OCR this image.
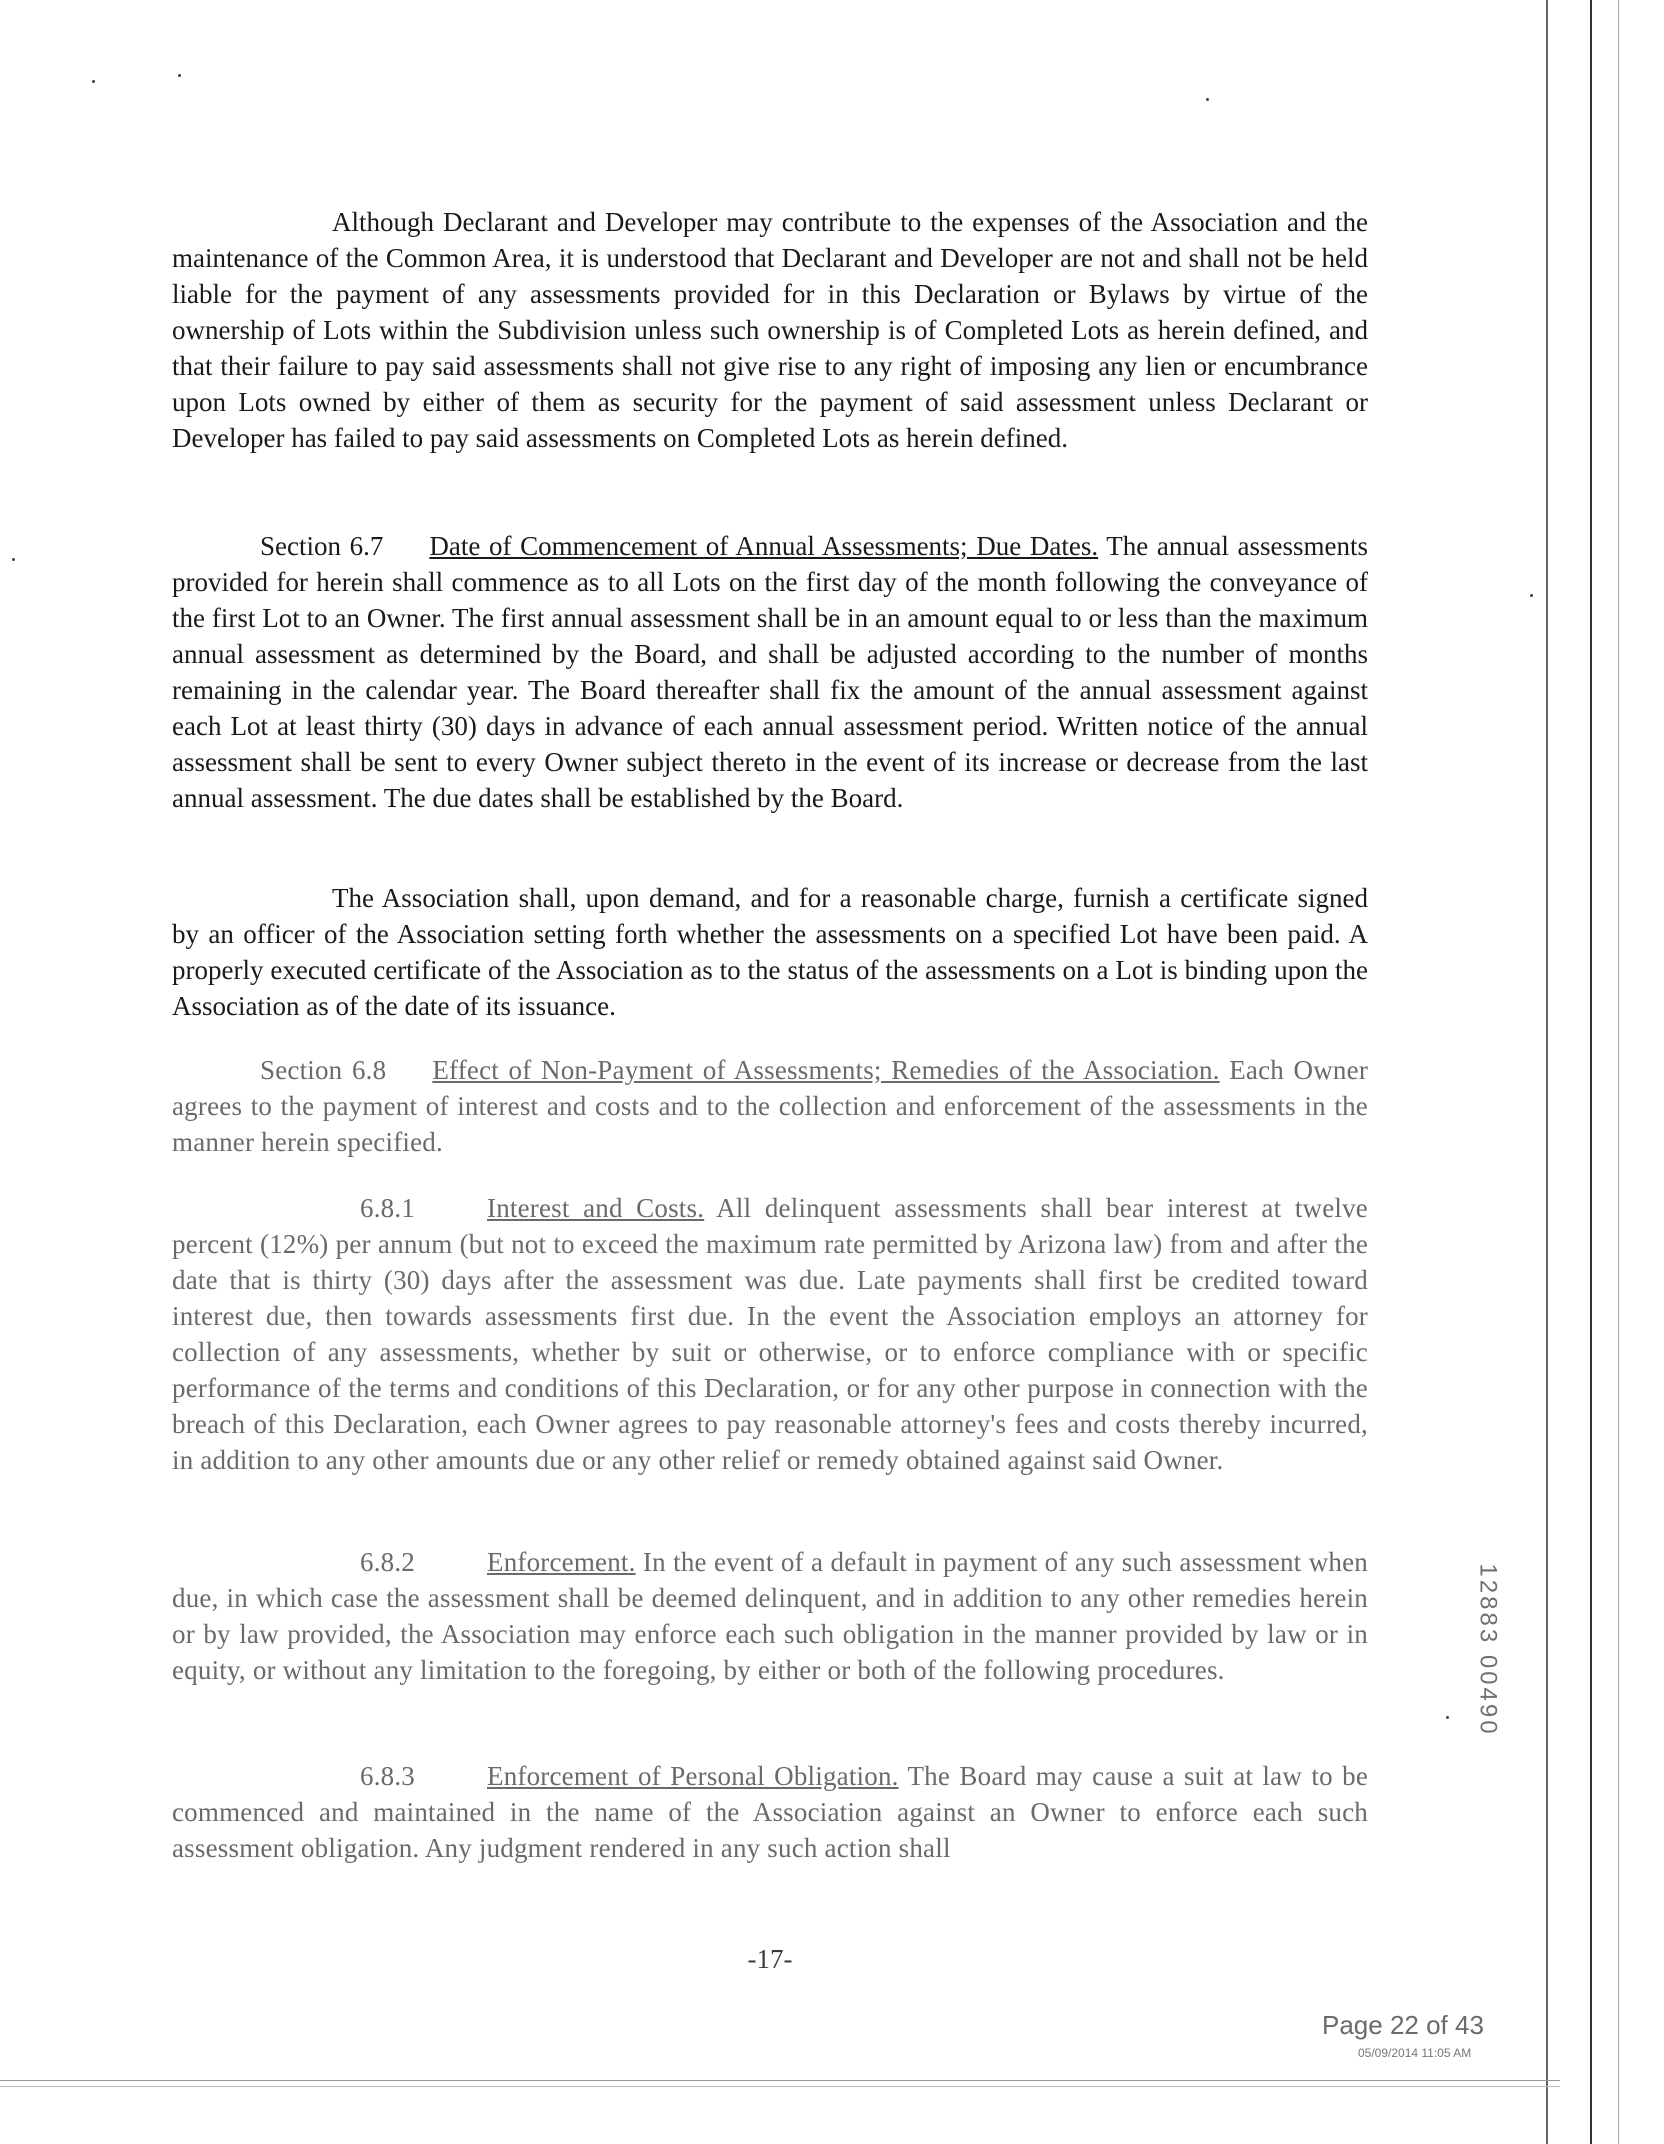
Although Declarant and Developer may contribute to the expenses of the Association and the maintenance of the Common Area, it is understood that Declarant and Developer are not and shall not be held liable for the payment of any assessments provided for in this Declaration or Bylaws by virtue of the ownership of Lots within the Subdivision unless such ownership is of Completed Lots as herein defined, and that their failure to pay said assessments shall not give rise to any right of imposing any lien or encumbrance upon Lots owned by either of them as security for the payment of said assessment unless Declarant or Developer has failed to pay said assessments on Completed Lots as herein defined.

Section 6.7 Date of Commencement of Annual Assessments; Due Dates. The annual assessments provided for herein shall commence as to all Lots on the first day of the month following the conveyance of the first Lot to an Owner. The first annual assessment shall be in an amount equal to or less than the maximum annual assessment as determined by the Board, and shall be adjusted according to the number of months remaining in the calendar year. The Board thereafter shall fix the amount of the annual assessment against each Lot at least thirty (30) days in advance of each annual assessment period. Written notice of the annual assessment shall be sent to every Owner subject thereto in the event of its increase or decrease from the last annual assessment. The due dates shall be established by the Board.

The Association shall, upon demand, and for a reasonable charge, furnish a certificate signed by an officer of the Association setting forth whether the assessments on a specified Lot have been paid. A properly executed certificate of the Association as to the status of the assessments on a Lot is binding upon the Association as of the date of its issuance.

Section 6.8 Effect of Non-Payment of Assessments; Remedies of the Association. Each Owner agrees to the payment of interest and costs and to the collection and enforcement of the assessments in the manner herein specified.

6.8.1	Interest and Costs. All delinquent assessments shall bear interest at twelve percent (12%) per annum (but not to exceed the maximum rate permitted by Arizona law) from and after the date that is thirty (30) days after the assessment was due. Late payments shall first be credited toward interest due, then towards assessments first due. In the event the Association employs an attorney for collection of any assessments, whether by suit or otherwise, or to enforce compliance with or specific performance of the terms and conditions of this Declaration, or for any other purpose in connection with the breach of this Declaration, each Owner agrees to pay reasonable attorney's fees and costs thereby incurred, in addition to any other amounts due or any other relief or remedy obtained against said Owner.

6.8.2	Enforcement. In the event of a default in payment of any such assessment when due, in which case the assessment shall be deemed delinquent, and in addition to any other remedies herein or by law provided, the Association may enforce each such obligation in the manner provided by law or in equity, or without any limitation to the foregoing, by either or both of the following procedures.

6.8.3	Enforcement of Personal Obligation. The Board may cause a suit at law to be commenced and maintained in the name of the Association against an Owner to enforce each such assessment obligation. Any judgment rendered in any such action shall

12883 00490
-17-
Page 22 of 43
05/09/2014 11:05 AM
